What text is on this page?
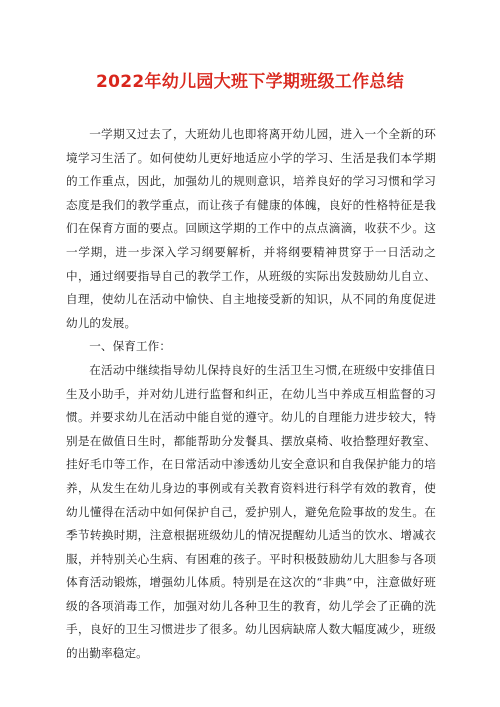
2022年幼儿园大班下学期班级工作总结

一学期又过去了，大班幼儿也即将离开幼儿园，进入一个全新的环境学习生活了。如何使幼儿更好地适应小学的学习、生活是我们本学期的工作重点，因此，加强幼儿的规则意识，培养良好的学习习惯和学习态度是我们的教学重点，而让孩子有健康的体魄，良好的性格特征是我们在保育方面的要点。回顾这学期的工作中的点点滴滴，收获不少。这一学期，进一步深入学习纲要解析，并将纲要精神贯穿于一日活动之中，通过纲要指导自己的教学工作，从班级的实际出发鼓励幼儿自立、自理，使幼儿在活动中愉快、自主地接受新的知识，从不同的角度促进幼儿的发展。

一、保育工作：

在活动中继续指导幼儿保持良好的生活卫生习惯,在班级中安排值日生及小助手，并对幼儿进行监督和纠正，在幼儿当中养成互相监督的习惯。并要求幼儿在活动中能自觉的遵守。幼儿的自理能力进步较大，特别是在做值日生时，都能帮助分发餐具、摆放桌椅、收拾整理好教室、挂好毛巾等工作，在日常活动中渗透幼儿安全意识和自我保护能力的培养，从发生在幼儿身边的事例或有关教育资料进行科学有效的教育，使幼儿懂得在活动中如何保护自己，爱护别人，避免危险事故的发生。在季节转换时期，注意根据班级幼儿的情况提醒幼儿适当的饮水、增减衣服，并特别关心生病、有困难的孩子。平时积极鼓励幼儿大胆参与各项体育活动锻炼，增强幼儿体质。特别是在这次的“非典”中，注意做好班级的各项消毒工作，加强对幼儿各种卫生的教育，幼儿学会了正确的洗手，良好的卫生习惯进步了很多。幼儿因病缺席人数大幅度减少，班级的出勤率稳定。
